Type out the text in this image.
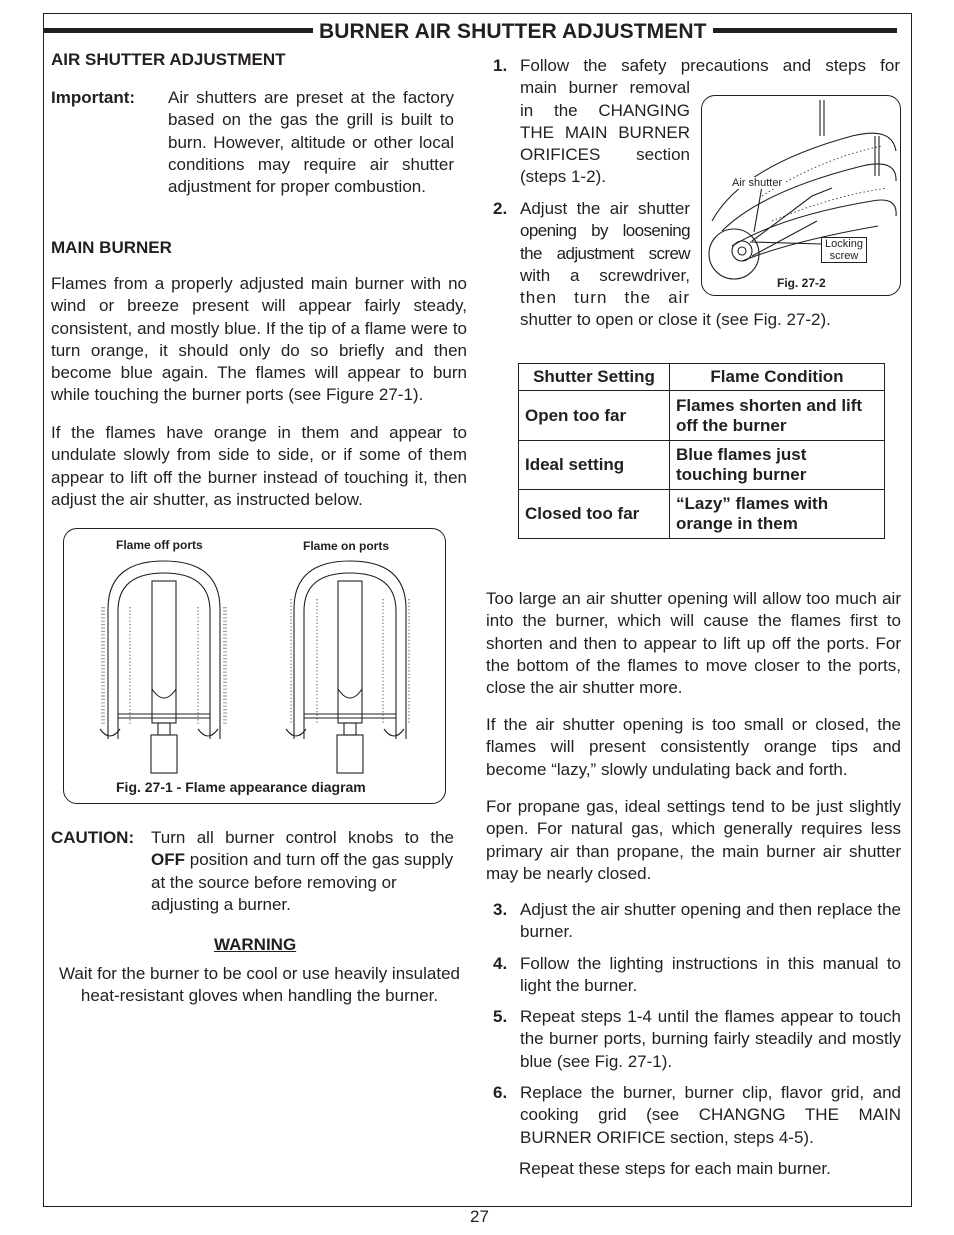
BURNER AIR SHUTTER ADJUSTMENT
AIR SHUTTER ADJUSTMENT
Important: Air shutters are preset at the factory based on the gas the grill is built to burn. However, altitude or other local conditions may require air shutter adjustment for proper combustion.
MAIN BURNER
Flames from a properly adjusted main burner with no wind or breeze present will appear fairly steady, consistent, and mostly blue. If the tip of a flame were to turn orange, it should only do so briefly and then become blue again. The flames will appear to burn while touching the burner ports (see Figure 27-1).
If the flames have orange in them and appear to undulate slowly from side to side, or if some of them appear to lift off the burner instead of touching it, then adjust the air shutter, as instructed below.
Flame off ports	Flame on ports
Fig. 27-1 - Flame appearance diagram
CAUTION: Turn all burner control knobs to the
OFF position and turn off the gas supply at the source before removing or adjusting a burner.
WARNING
Wait for the burner to be cool or use heavily insulated heat-resistant gloves when handling the burner.
1. Follow the safety precautions and steps for
main burner removal
in the CHANGING
THE MAIN BURNER
ORIFICES section
(steps 1-2).
2. Adjust the air shutter
opening by loosening
the adjustment screw
with a screwdriver,
then turn the air
shutter to open or close it (see Fig. 27-2).
Air shutter
Locking screw
Fig. 27-2
Shutter Setting	Flame Condition
Open too far	Flames shorten and lift off the burner
Ideal setting	Blue flames just touching burner
Closed too far	“Lazy” flames with orange in them
Too large an air shutter opening will allow too much air into the burner, which will cause the flames first to shorten and then to appear to lift up off the ports. For the bottom of the flames to move closer to the ports, close the air shutter more.
If the air shutter opening is too small or closed, the flames will present consistently orange tips and become “lazy,” slowly undulating back and forth.
For propane gas, ideal settings tend to be just slightly open. For natural gas, which generally requires less primary air than propane, the main burner air shutter may be nearly closed.
3. Adjust the air shutter opening and then replace the burner.
4. Follow the lighting instructions in this manual to light the burner.
5. Repeat steps 1-4 until the flames appear to touch the burner ports, burning fairly steadily and mostly blue (see Fig. 27-1).
6. Replace the burner, burner clip, flavor grid, and cooking grid (see CHANGNG THE MAIN BURNER ORIFICE section, steps 4-5).
Repeat these steps for each main burner.
27
